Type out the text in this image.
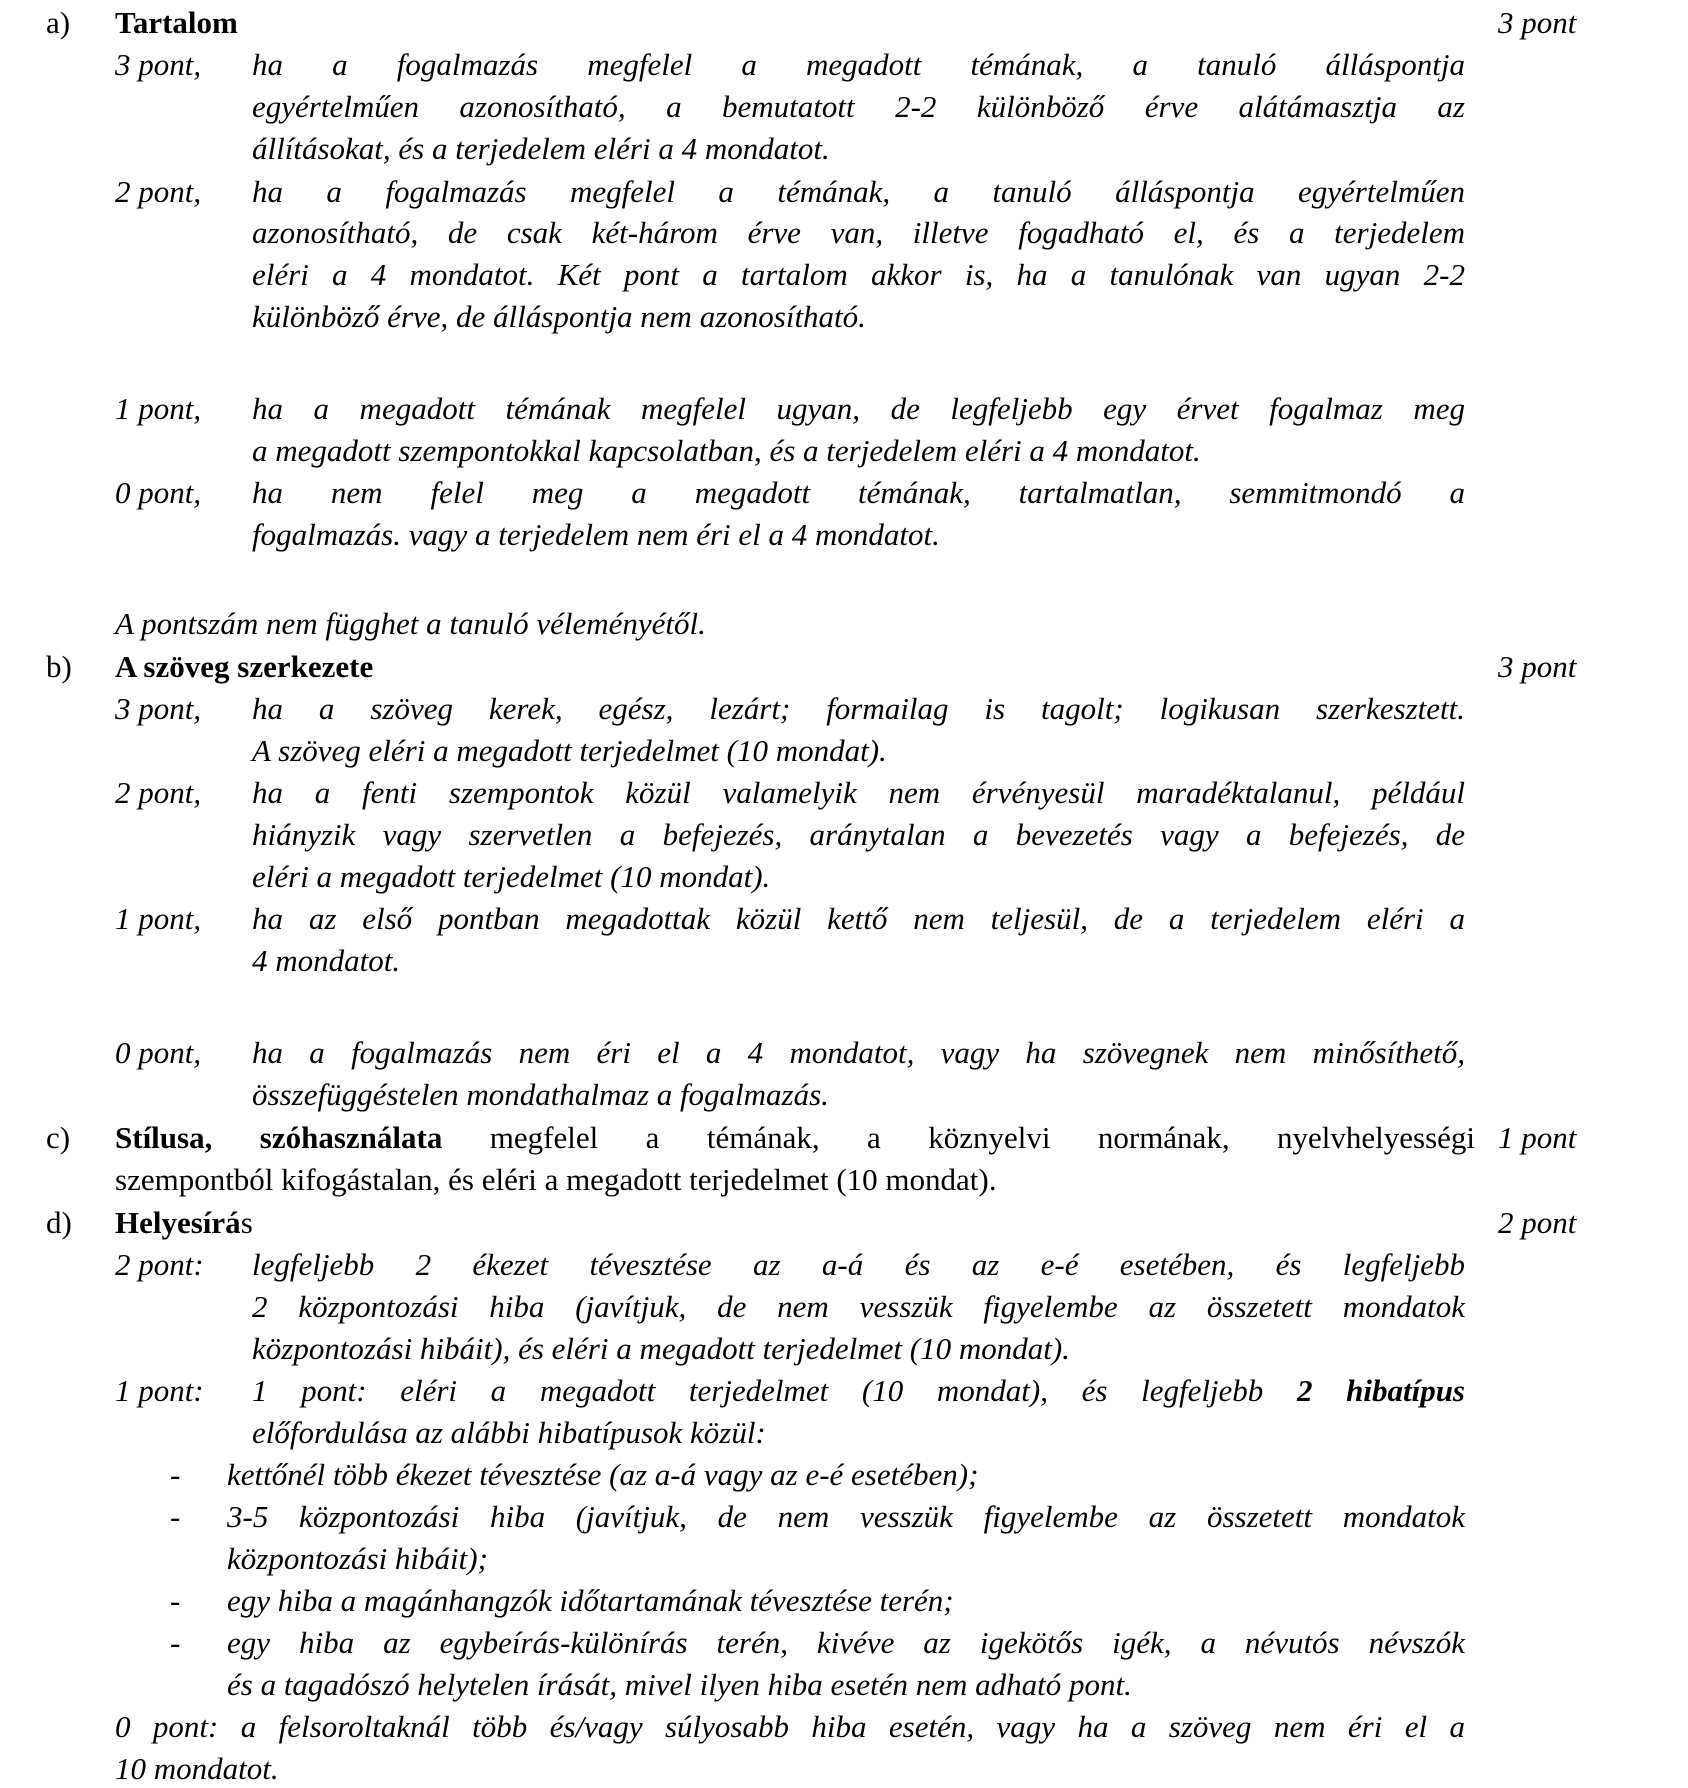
a) Tartalom	3 pont
3 pont, ha a fogalmazás megfelel a megadott témának, a tanuló álláspontja
egyértelműen azonosítható, a bemutatott 2-2 különböző érve alátámasztja az
állításokat, és a terjedelem eléri a 4 mondatot.
2 pont, ha a fogalmazás megfelel a témának, a tanuló álláspontja egyértelműen
azonosítható, de csak két-három érve van, illetve fogadható el, és a terjedelem
eléri a 4 mondatot. Két pont a tartalom akkor is, ha a tanulónak van ugyan 2-2
különböző érve, de álláspontja nem azonosítható.
1 pont, ha a megadott témának megfelel ugyan, de legfeljebb egy érvet fogalmaz meg
a megadott szempontokkal kapcsolatban, és a terjedelem eléri a 4 mondatot.
0 pont, ha nem felel meg a megadott témának, tartalmatlan, semmitmondó a
fogalmazás. vagy a terjedelem nem éri el a 4 mondatot.
A pontszám nem függhet a tanuló véleményétől.
b) A szöveg szerkezete	3 pont
3 pont, ha a szöveg kerek, egész, lezárt; formailag is tagolt; logikusan szerkesztett.
A szöveg eléri a megadott terjedelmet (10 mondat).
2 pont, ha a fenti szempontok közül valamelyik nem érvényesül maradéktalanul, például
hiányzik vagy szervetlen a befejezés, aránytalan a bevezetés vagy a befejezés, de
eléri a megadott terjedelmet (10 mondat).
1 pont, ha az első pontban megadottak közül kettő nem teljesül, de a terjedelem eléri a
4 mondatot.
0 pont, ha a fogalmazás nem éri el a 4 mondatot, vagy ha szövegnek nem minősíthető,
összefüggéstelen mondathalmaz a fogalmazás.
c) Stílusa, szóhasználata megfelel a témának, a köznyelvi normának, nyelvhelyességi 1 pont
szempontból kifogástalan, és eléri a megadott terjedelmet (10 mondat).
d) Helyesírás	2 pont
2 pont: legfeljebb 2 ékezet tévesztése az a-á és az e-é esetében, és legfeljebb
2 központozási hiba (javítjuk, de nem vesszük figyelembe az összetett mondatok
központozási hibáit), és eléri a megadott terjedelmet (10 mondat).
1 pont: 1 pont: eléri a megadott terjedelmet (10 mondat), és legfeljebb 2 hibatípus
előfordulása az alábbi hibatípusok közül:
- kettőnél több ékezet tévesztése (az a-á vagy az e-é esetében);
- 3-5 központozási hiba (javítjuk, de nem vesszük figyelembe az összetett mondatok
központozási hibáit);
- egy hiba a magánhangzók időtartamának tévesztése terén;
- egy hiba az egybeírás-különírás terén, kivéve az igekötős igék, a névutós névszók
és a tagadószó helytelen írását, mivel ilyen hiba esetén nem adható pont.
0 pont: a felsoroltaknál több és/vagy súlyosabb hiba esetén, vagy ha a szöveg nem éri el a
10 mondatot.
